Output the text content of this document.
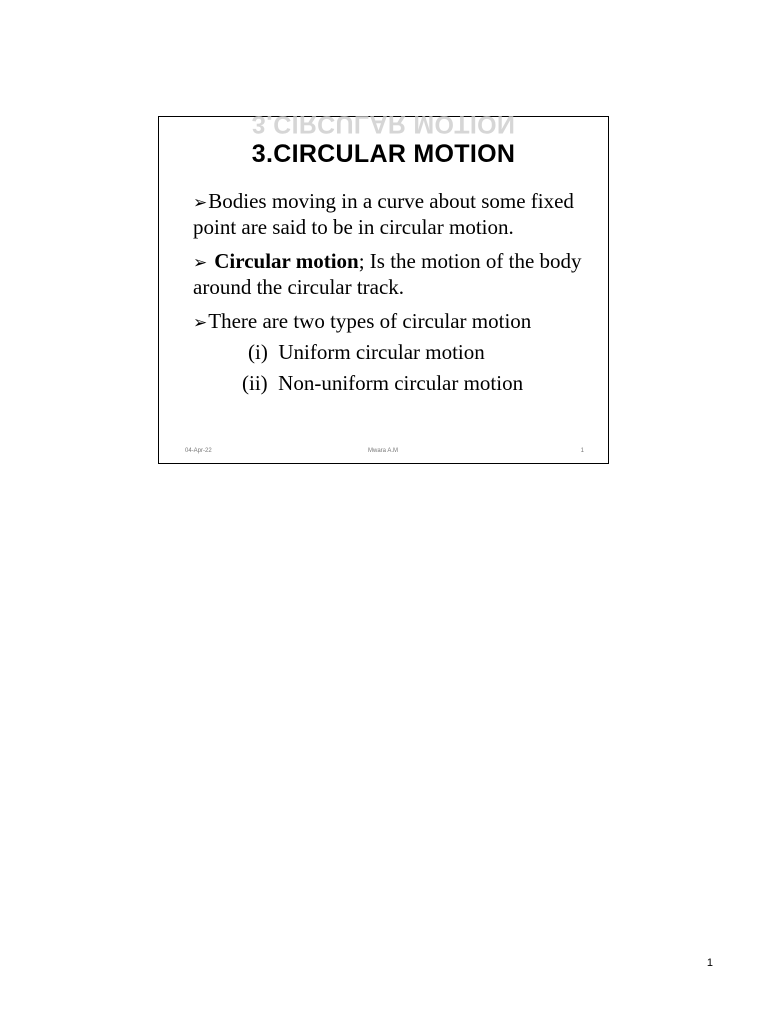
3.CIRCULAR MOTION
3.CIRCULAR MOTION

➢Bodies moving in a curve about some fixed point are said to be in circular motion.

➢ Circular motion; Is the motion of the body around the circular track.

➢There are two types of circular motion

(i) Uniform circular motion

(ii) Non-uniform circular motion

04-Apr-22	Mwara A.M	1
1
